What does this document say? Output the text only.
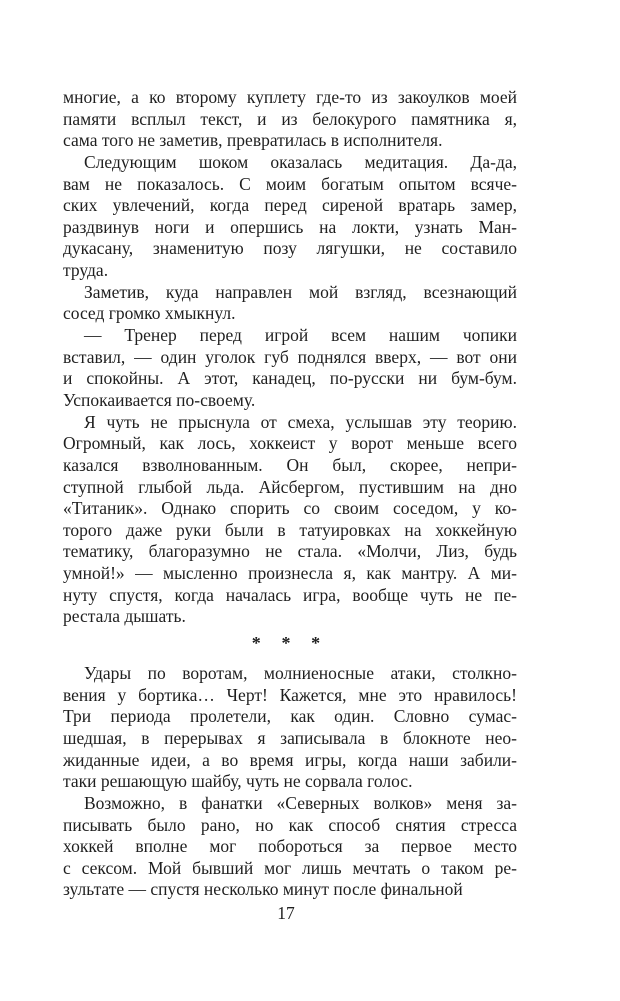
многие, а ко второму куплету где-то из закоулков моей
памяти всплыл текст, и из белокурого памятника я,
сама того не заметив, превратилась в исполнителя.
Следующим шоком оказалась медитация. Да-да,
вам не показалось. С моим богатым опытом всяче-
ских увлечений, когда перед сиреной вратарь замер,
раздвинув ноги и опершись на локти, узнать Ман-
дукасану, знаменитую позу лягушки, не составило
труда.
Заметив, куда направлен мой взгляд, всезнающий
сосед громко хмыкнул.
— Тренер перед игрой всем нашим чопики
вставил, — один уголок губ поднялся вверх, — вот они
и спокойны. А этот, канадец, по-русски ни бум-бум.
Успокаивается по-своему.
Я чуть не прыснула от смеха, услышав эту теорию.
Огромный, как лось, хоккеист у ворот меньше всего
казался взволнованным. Он был, скорее, непри-
ступной глыбой льда. Айсбергом, пустившим на дно
«Титаник». Однако спорить со своим соседом, у ко-
торого даже руки были в татуировках на хоккейную
тематику, благоразумно не стала. «Молчи, Лиз, будь
умной!» — мысленно произнесла я, как мантру. А ми-
нуту спустя, когда началась игра, вообще чуть не пе-
рестала дышать.
* * *
Удары по воротам, молниеносные атаки, столкно-
вения у бортика… Черт! Кажется, мне это нравилось!
Три периода пролетели, как один. Словно сумас-
шедшая, в перерывах я записывала в блокноте нео-
жиданные идеи, а во время игры, когда наши забили-
таки решающую шайбу, чуть не сорвала голос.
Возможно, в фанатки «Северных волков» меня за-
писывать было рано, но как способ снятия стресса
хоккей вполне мог побороться за первое место
с сексом. Мой бывший мог лишь мечтать о таком ре-
зультате — спустя несколько минут после финальной
17
